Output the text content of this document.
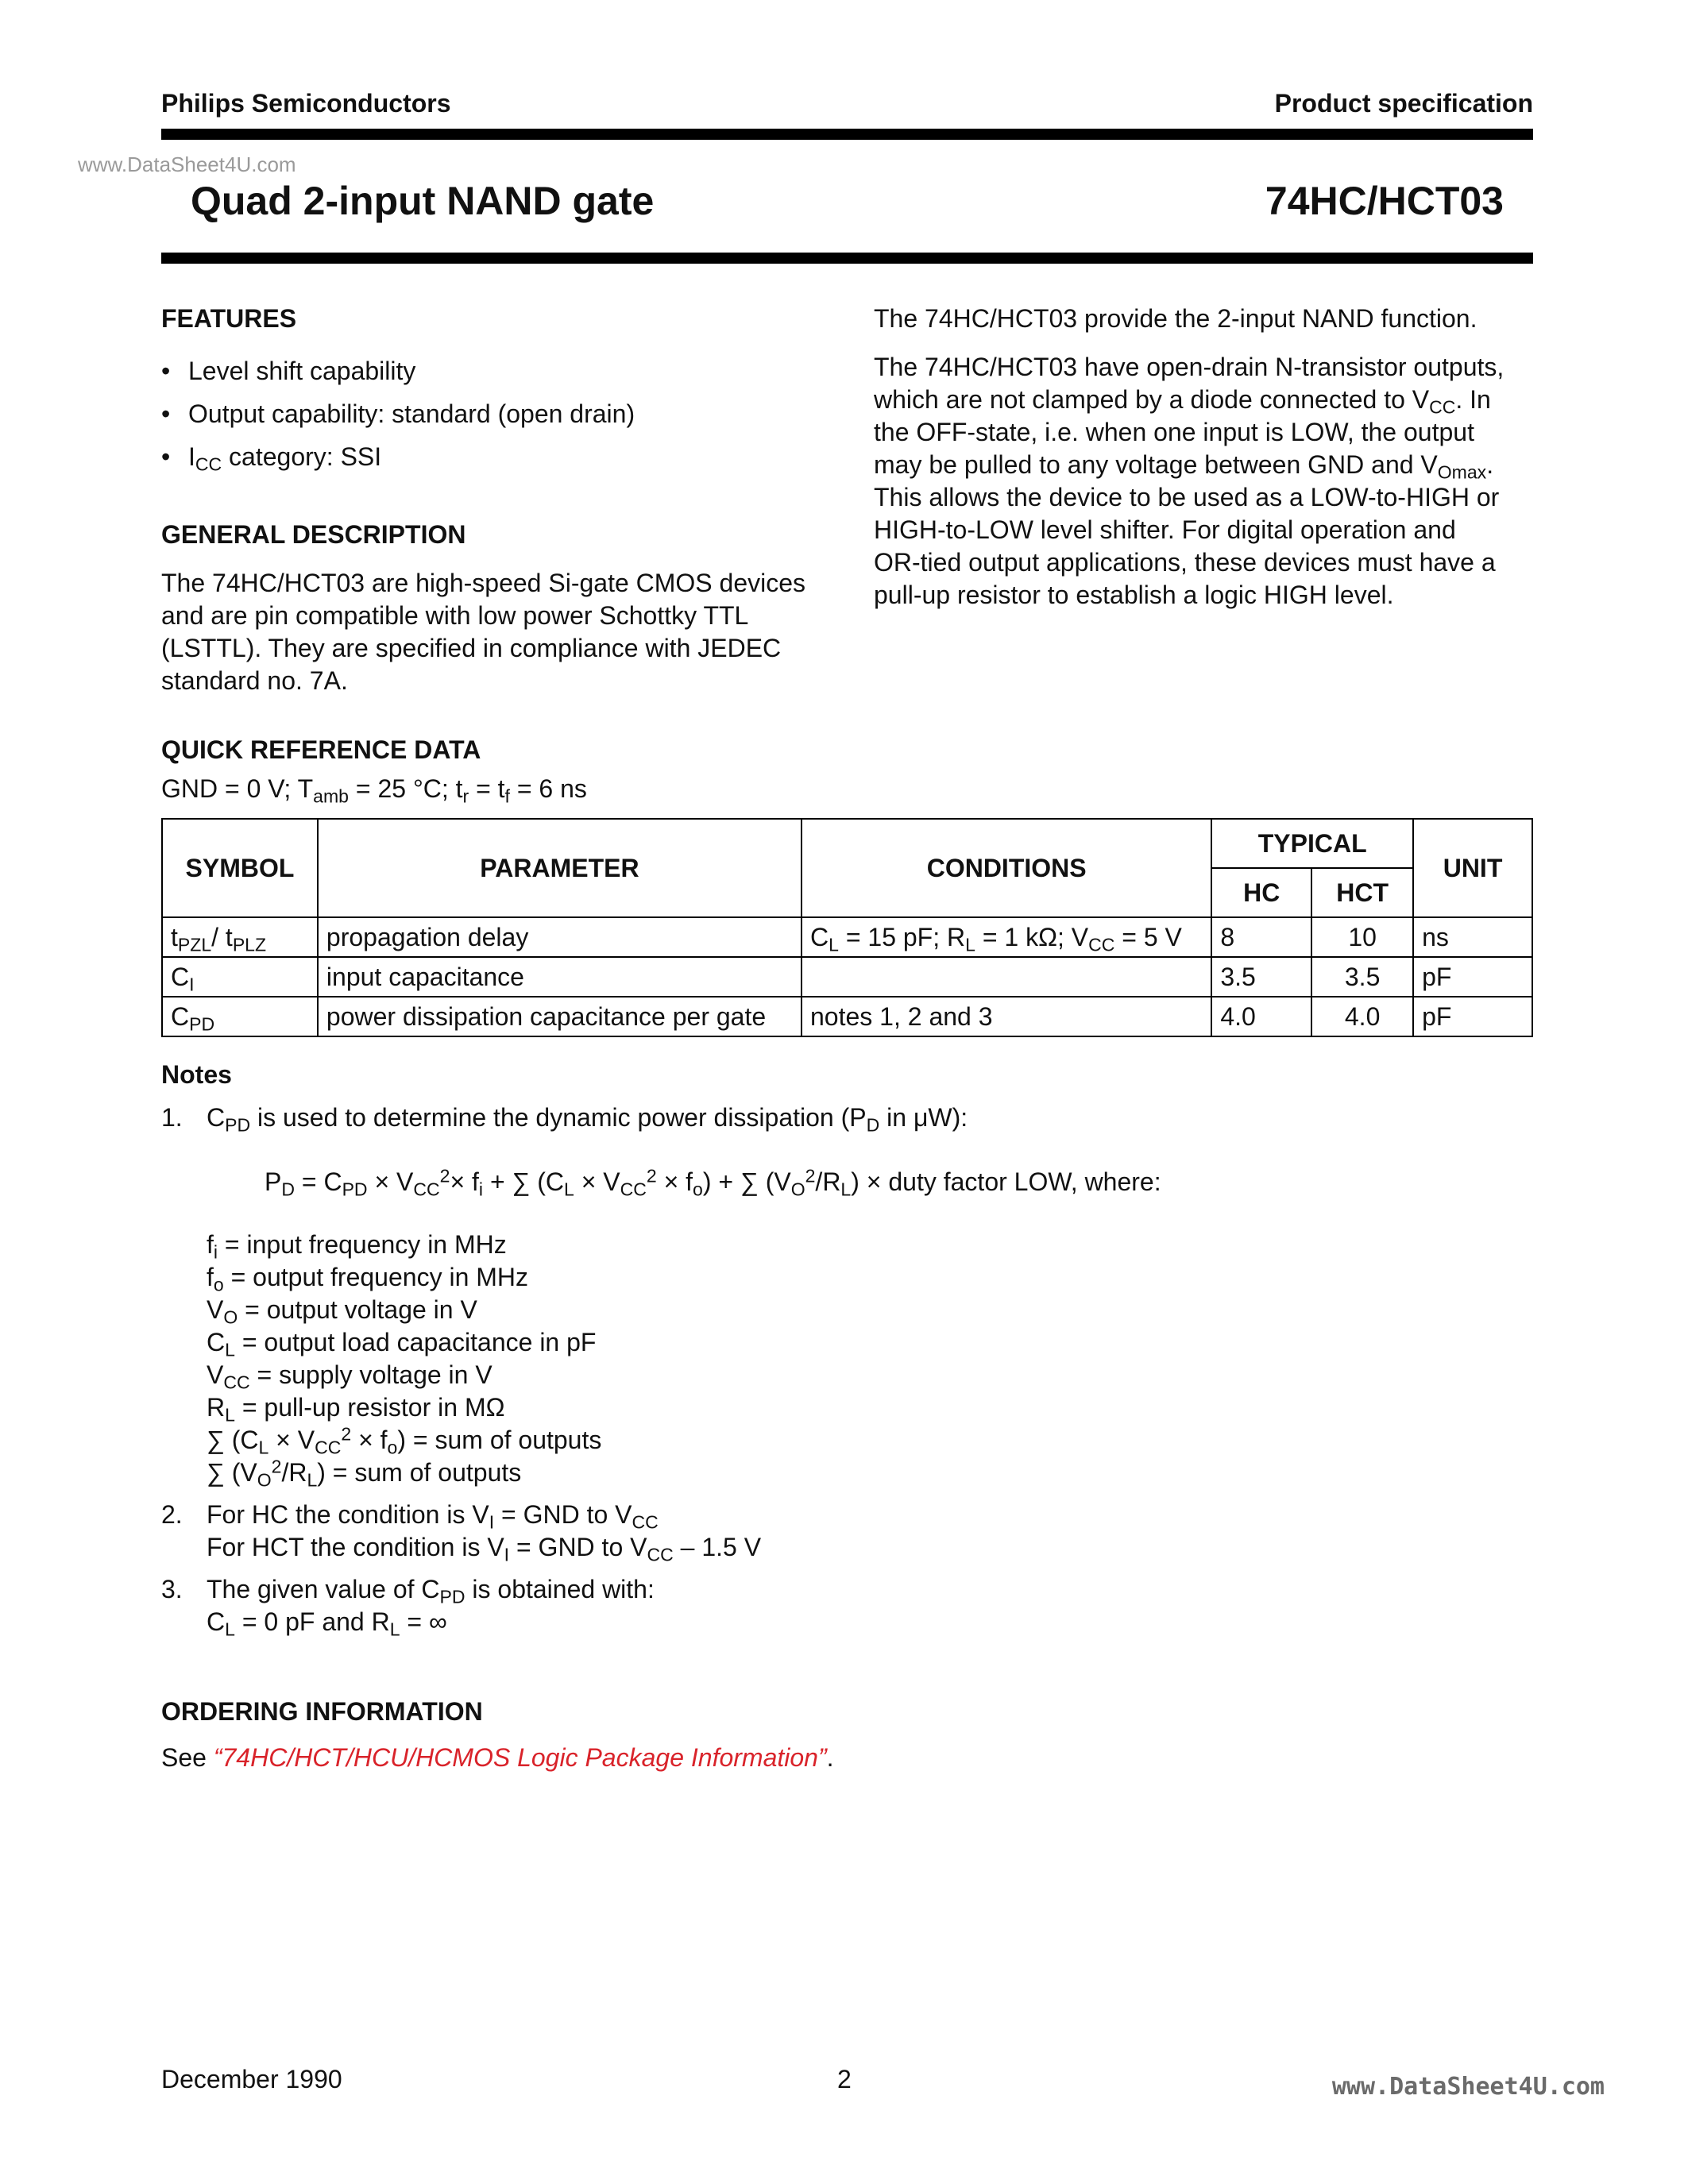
Philips Semiconductors	Product specification
www.DataSheet4U.com
Quad 2-input NAND gate	74HC/HCT03
FEATURES
• Level shift capability
• Output capability: standard (open drain)
• $I_{CC}$ category: SSI
GENERAL DESCRIPTION
The 74HC/HCT03 are high-speed Si-gate CMOS devices
and are pin compatible with low power Schottky TTL
(LSTTL). They are specified in compliance with JEDEC
standard no. 7A.

The 74HC/HCT03 provide the 2-input NAND function.

The 74HC/HCT03 have open-drain N-transistor outputs,
which are not clamped by a diode connected to $V_{CC}$. In
the OFF-state, i.e. when one input is LOW, the output
may be pulled to any voltage between GND and $V_{Omax}$.
This allows the device to be used as a LOW-to-HIGH or
HIGH-to-LOW level shifter. For digital operation and
OR-tied output applications, these devices must have a
pull-up resistor to establish a logic HIGH level.

QUICK REFERENCE DATA
GND = 0 V; $T_{amb} = 25$ °C; $t_r = t_f = 6$ ns
SYMBOL	PARAMETER	CONDITIONS	TYPICAL		UNIT
			HC	HCT	
$t_{PZL}/$ $t_{PLZ}$	propagation delay	$C_L = 15$ pF; $R_L = 1$ kΩ; $V_{CC} = 5$ V	8	10	ns
$C_I$	input capacitance		3.5	3.5	pF
$C_{PD}$	power dissipation capacitance per gate	notes 1, 2 and 3	4.0	4.0	pF
Notes
1. $C_{PD}$ is used to determine the dynamic power dissipation ($P_D$ in μW):
$P_D = C_{PD} \times V_{CC}^2\times f_i$ + ∑ $(C_L \times V_{CC}^2 \times f_o)$ + ∑ $(V_O^2/R_L)$ × duty factor LOW, where:
$f_i$ = input frequency in MHz
$f_o$ = output frequency in MHz
$V_O$ = output voltage in V
$C_L$ = output load capacitance in pF
$V_{CC}$ = supply voltage in V
$R_L$ = pull-up resistor in MΩ
∑ $(C_L \times V_{CC}^2 \times f_o)$ = sum of outputs
∑ $(V_O^2/R_L)$ = sum of outputs
2. For HC the condition is $V_I$ = GND to $V_{CC}$
For HCT the condition is $V_I$ = GND to $V_{CC} - 1.5$ V
3. The given value of $C_{PD}$ is obtained with:
$C_L = 0$ pF and $R_L$ = ∞
ORDERING INFORMATION
See “74HC/HCT/HCU/HCMOS Logic Package Information”.
December 1990	2	www.DataSheet4U.com
